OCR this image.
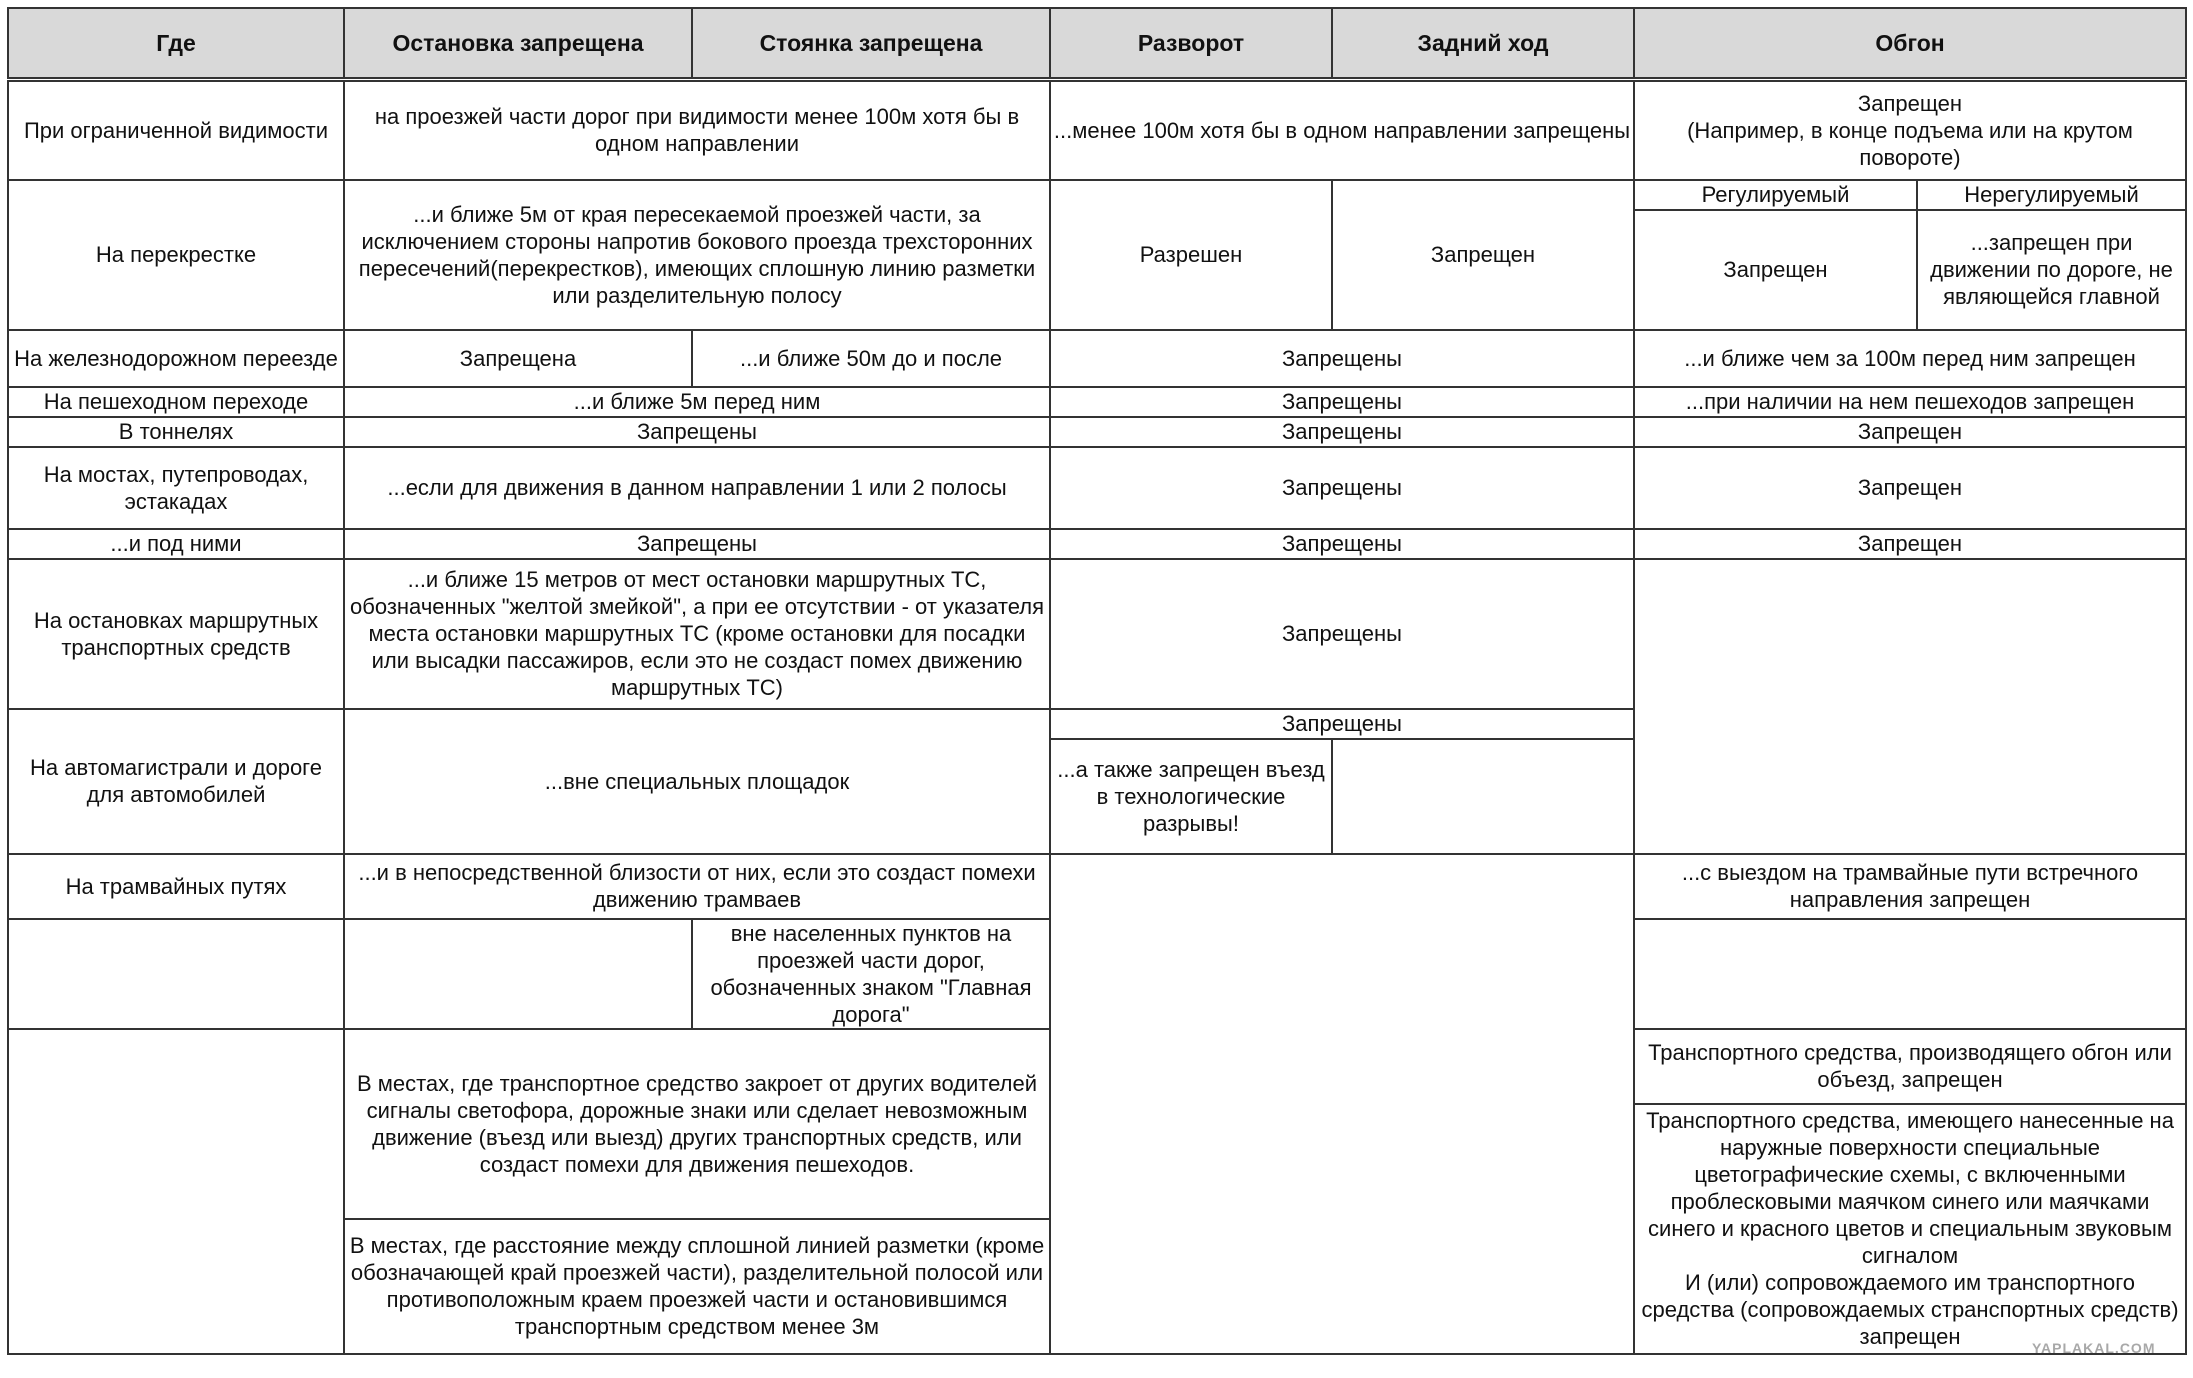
Где	Остановка запрещена	Стоянка запрещена	Разворот	Задний ход	Обгон	
При ограниченной видимости	на проезжей части дорог при видимости менее 100м хотя бы в одном направлении		...менее 100м хотя бы в одном направлении запрещены		Запрещен
(Например, в конце подъема или на крутом повороте)	
На перекрестке	...и ближе 5м от края пересекаемой проезжей части, за исключением стороны напротив бокового проезда трехсторонних пересечений(перекрестков), имеющих сплошную линию разметки или разделительную полосу		Разрешен	Запрещен	Регулируемый	Нерегулируемый
					Запрещен	...запрещен при движении по дороге, не являющейся главной
На железнодорожном переезде	Запрещена	...и ближе 50м до и после	Запрещены		...и ближе чем за 100м перед ним запрещен	
На пешеходном переходе	...и ближе 5м перед ним		Запрещены		...при наличии на нем пешеходов запрещен	
В тоннелях	Запрещены		Запрещены		Запрещен	
На мостах, путепроводах, эстакадах	...если для движения в данном направлении 1 или 2 полосы		Запрещены		Запрещен	
...и под ними	Запрещены		Запрещены		Запрещен	
На остановках маршрутных транспортных средств	...и ближе 15 метров от мест остановки маршрутных ТС, обозначенных "желтой змейкой", а при ее отсутствии - от указателя места остановки маршрутных ТС (кроме остановки для посадки или высадки пассажиров, если это не создаст помех движению маршрутных ТС)		Запрещены			
На автомагистрали и дороге для автомобилей	...вне специальных площадок		Запрещены			
			...а также запрещен въезд в технологические разрывы!			
На трамвайных путях	...и в непосредственной близости от них, если это создаст помехи движению трамваев				...с выездом на трамвайные пути встречного направления запрещен	
		вне населенных пунктов на проезжей части дорог, обозначенных знаком "Главная дорога"				
	В местах, где транспортное средство закроет от других водителей сигналы светофора, дорожные знаки или сделает невозможным движение (въезд или выезд) других транспортных средств, или создаст помехи для движения пешеходов.				Транспортного средства, производящего обгон или объезд, запрещен	
					Транспортного средства, имеющего нанесенные на наружные поверхности специальные цветографические схемы, с включенными проблесковыми маячком синего или маячками синего и красного цветов и специальным звуковым сигналом
И (или) сопровождаемого им транспортного средства (сопровождаемых странспортных средств) запрещен	
	В местах, где расстояние между сплошной линией разметки (кроме обозначающей край проезжей части), разделительной полосой или противоположным краем проезжей части и остановившимся транспортным средством менее 3м					
YAPLAKAL.COM
